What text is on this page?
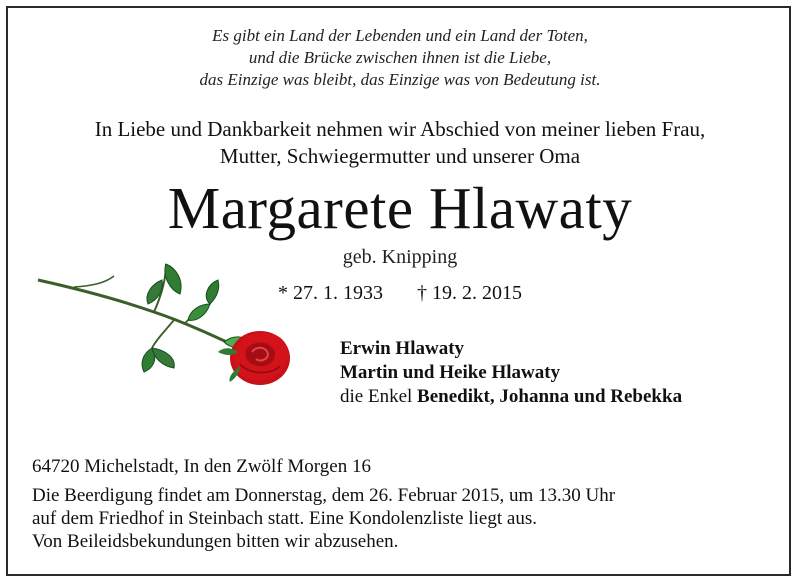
Es gibt ein Land der Lebenden und ein Land der Toten,
und die Brücke zwischen ihnen ist die Liebe,
das Einzige was bleibt, das Einzige was von Bedeutung ist.
In Liebe und Dankbarkeit nehmen wir Abschied von meiner lieben Frau,
Mutter, Schwiegermutter und unserer Oma
Margarete Hlawaty
geb. Knipping
* 27. 1. 1933 † 19. 2. 2015
Erwin Hlawaty
Martin und Heike Hlawaty
die Enkel Benedikt, Johanna und Rebekka
64720 Michelstadt, In den Zwölf Morgen 16
Die Beerdigung findet am Donnerstag, dem 26. Februar 2015, um 13.30 Uhr
auf dem Friedhof in Steinbach statt. Eine Kondolenzliste liegt aus.
Von Beileidsbekundungen bitten wir abzusehen.
